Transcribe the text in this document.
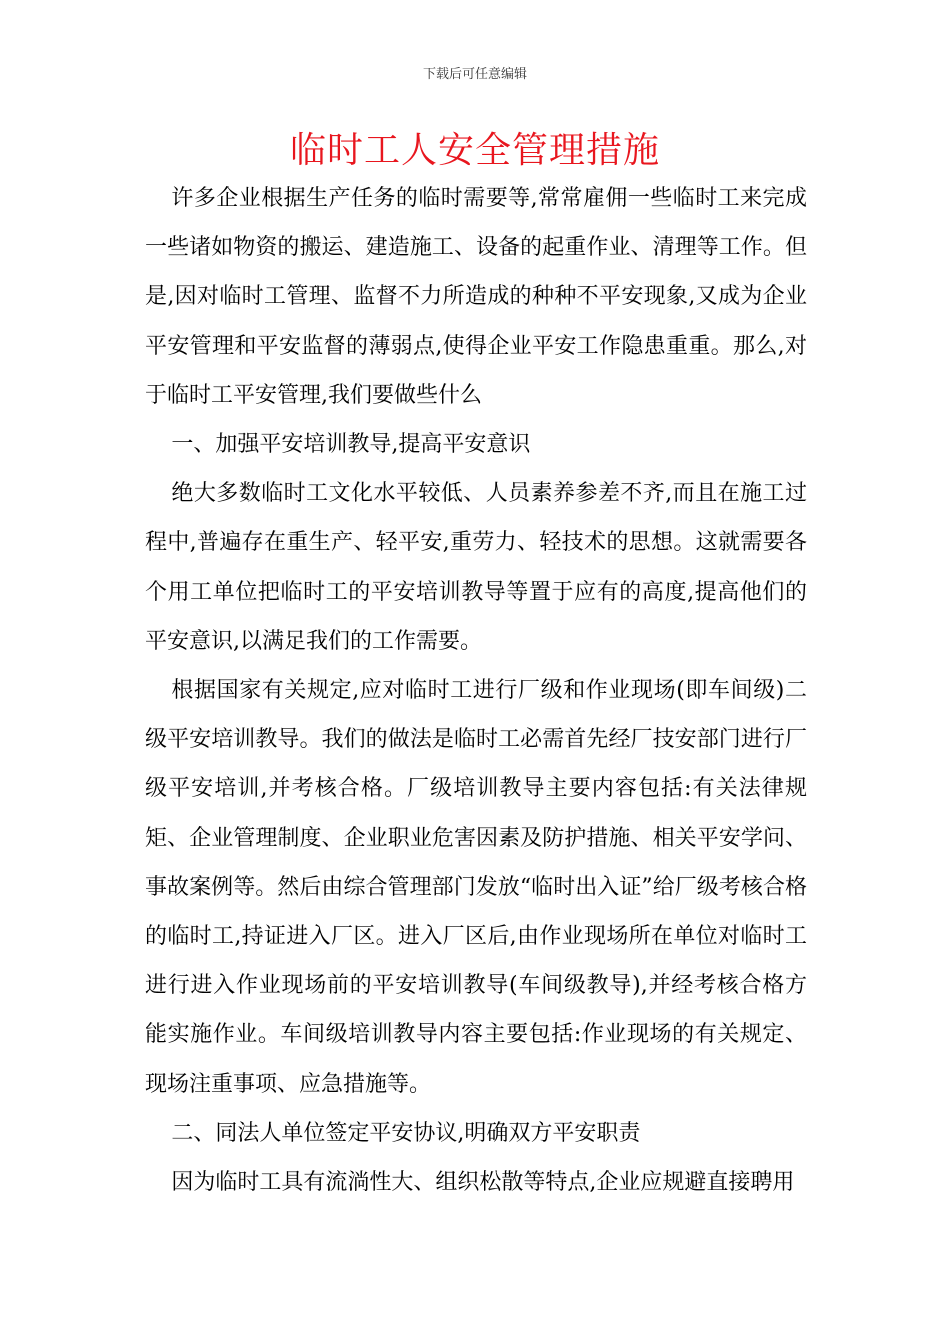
下载后可任意编辑
临时工人安全管理措施

许多企业根据生产任务的临时需要等,常常雇佣一些临时工来完成一些诸如物资的搬运、建造施工、设备的起重作业、清理等工作。但是,因对临时工管理、监督不力所造成的种种不平安现象,又成为企业平安管理和平安监督的薄弱点,使得企业平安工作隐患重重。那么,对于临时工平安管理,我们要做些什么

一、加强平安培训教导,提高平安意识

绝大多数临时工文化水平较低、人员素养参差不齐,而且在施工过程中,普遍存在重生产、轻平安,重劳力、轻技术的思想。这就需要各个用工单位把临时工的平安培训教导等置于应有的高度,提高他们的平安意识,以满足我们的工作需要。

根据国家有关规定,应对临时工进行厂级和作业现场(即车间级)二级平安培训教导。我们的做法是临时工必需首先经厂技安部门进行厂级平安培训,并考核合格。厂级培训教导主要内容包括:有关法律规矩、企业管理制度、企业职业危害因素及防护措施、相关平安学问、事故案例等。然后由综合管理部门发放“临时出入证”给厂级考核合格的临时工,持证进入厂区。进入厂区后,由作业现场所在单位对临时工进行进入作业现场前的平安培训教导(车间级教导),并经考核合格方能实施作业。车间级培训教导内容主要包括:作业现场的有关规定、现场注重事项、应急措施等。

二、同法人单位签定平安协议,明确双方平安职责

因为临时工具有流淌性大、组织松散等特点,企业应规避直接聘用
